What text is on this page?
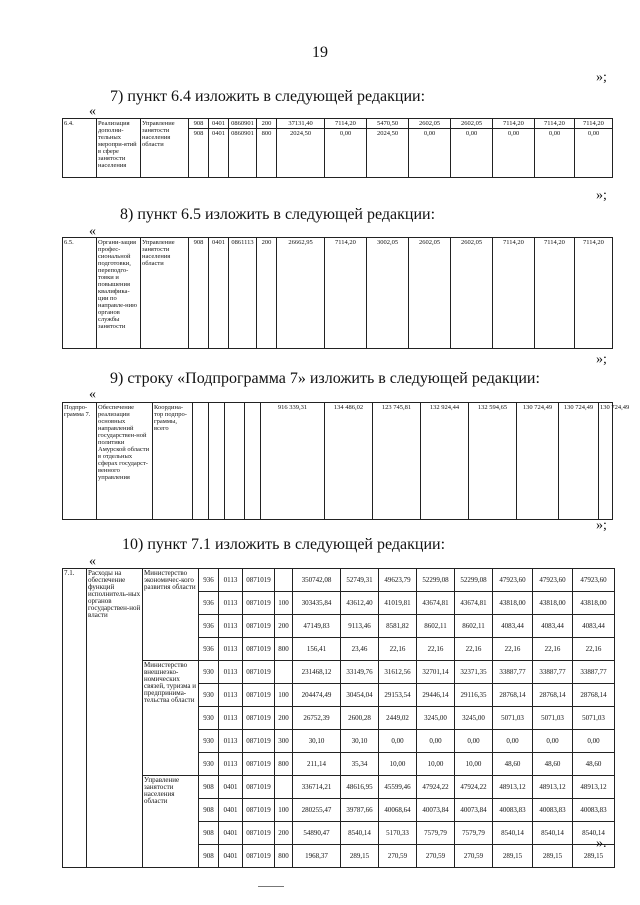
19
»;
7) пункт 6.4 изложить в следующей редакции:
«
6.4.	Реализация дополни-тельных меропри-ятий в сфере занятости населения	Управление занятости населения области	908	0401	0860901	200	37131,40	7114,20	5470,50	2602,05	2602,05	7114,20	7114,20	7114,20
			908	0401	0860901	800	2024,50	0,00	2024,50	0,00	0,00	0,00	0,00	0,00
»;
8) пункт 6.5 изложить в следующей редакции:
«
6.5.	Органи-зация профес-сиональной подготовки, переподго-товки и повышения квалифика-ции по направле-нию органов службы занятости	Управление занятости населения области	908	0401	0861113	200	26662,95	7114,20	3002,05	2602,05	2602,05	7114,20	7114,20	7114,20
»;
9) строку «Подпрограмма 7» изложить в следующей редакции:
«
Подпро-грамма 7.	Обеспечение реализации основных направлений государствен-ной политики Амурской области в отдельных сферах государст-венного управления	Координа-тор подпро-граммы, всего					916 339,31	134 486,02	123 745,81	132 924,44	132 594,65	130 724,49	130 724,49	130 724,49
»;
10) пункт 7.1 изложить в следующей редакции:
«
7.1.	Расходы на обеспечение функций исполнитель-ных органов государствен-ной власти	Министерство экономичес-кого развития области	936	0113	0871019		350742,08	52749,31	49623,79	52299,08	52299,08	47923,60	47923,60	47923,60
			936	0113	0871019	100	303435,84	43612,40	41019,81	43674,81	43674,81	43818,00	43818,00	43818,00
			936	0113	0871019	200	47149,83	9113,46	8581,82	8602,11	8602,11	4083,44	4083,44	4083,44
			936	0113	0871019	800	156,41	23,46	22,16	22,16	22,16	22,16	22,16	22,16
		Министерство внешнеэко-номических связей, туризма и предпринима-тельства области	930	0113	0871019		231468,12	33149,76	31612,56	32701,14	32371,35	33887,77	33887,77	33887,77
			930	0113	0871019	100	204474,49	30454,04	29153,54	29446,14	29116,35	28768,14	28768,14	28768,14
			930	0113	0871019	200	26752,39	2600,28	2449,02	3245,00	3245,00	5071,03	5071,03	5071,03
			930	0113	0871019	300	30,10	30,10	0,00	0,00	0,00	0,00	0,00	0,00
			930	0113	0871019	800	211,14	35,34	10,00	10,00	10,00	48,60	48,60	48,60
		Управление занятости населения области	908	0401	0871019		336714,21	48616,95	45599,46	47924,22	47924,22	48913,12	48913,12	48913,12
			908	0401	0871019	100	280255,47	39787,66	40068,64	40073,84	40073,84	40083,83	40083,83	40083,83
			908	0401	0871019	200	54890,47	8540,14	5170,33	7579,79	7579,79	8540,14	8540,14	8540,14
			908	0401	0871019	800	1968,37	289,15	270,59	270,59	270,59	289,15	289,15	289,15
».
